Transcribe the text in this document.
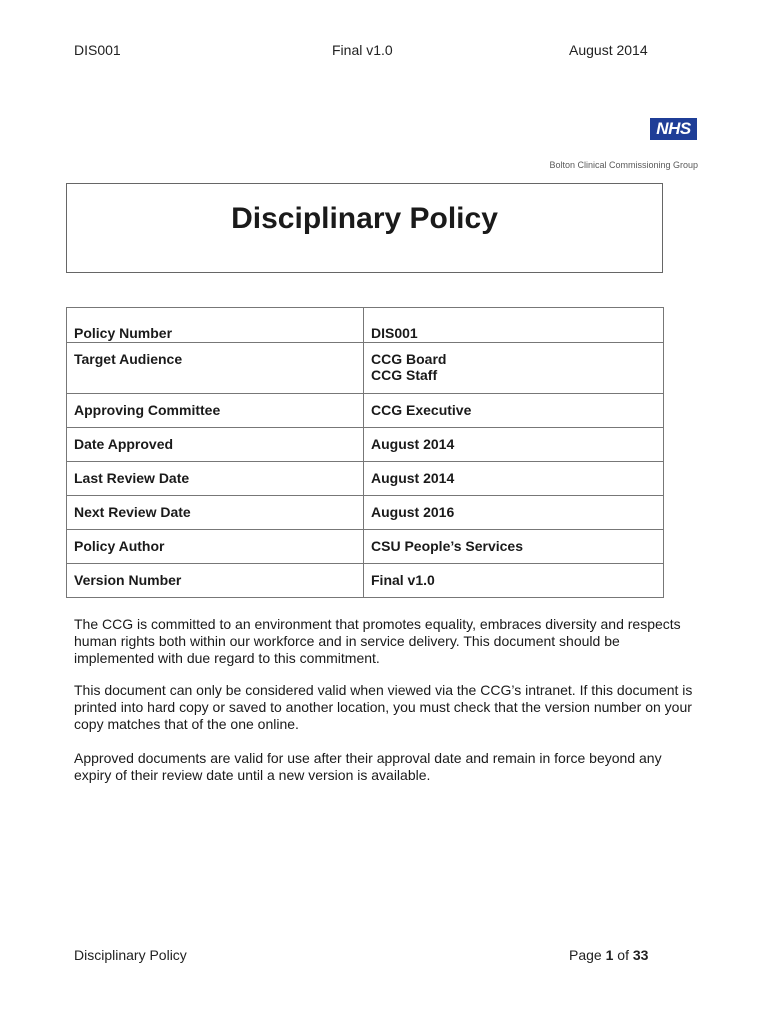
DIS001	Final v1.0	August 2014
NHS
Bolton Clinical Commissioning Group
Disciplinary Policy
Policy Number	DIS001
Target Audience	CCG Board
CCG Staff

Approving Committee	CCG Executive
Date Approved	August 2014
Last Review Date	August 2014
Next Review Date	August 2016
Policy Author	CSU People’s Services
Version Number	Final v1.0

The CCG is committed to an environment that promotes equality, embraces diversity and respects human rights both within our workforce and in service delivery. This document should be implemented with due regard to this commitment.

This document can only be considered valid when viewed via the CCG’s intranet. If this document is printed into hard copy or saved to another location, you must check that the version number on your copy matches that of the one online.

Approved documents are valid for use after their approval date and remain in force beyond any expiry of their review date until a new version is available.

Disciplinary Policy	Page 1 of 33
